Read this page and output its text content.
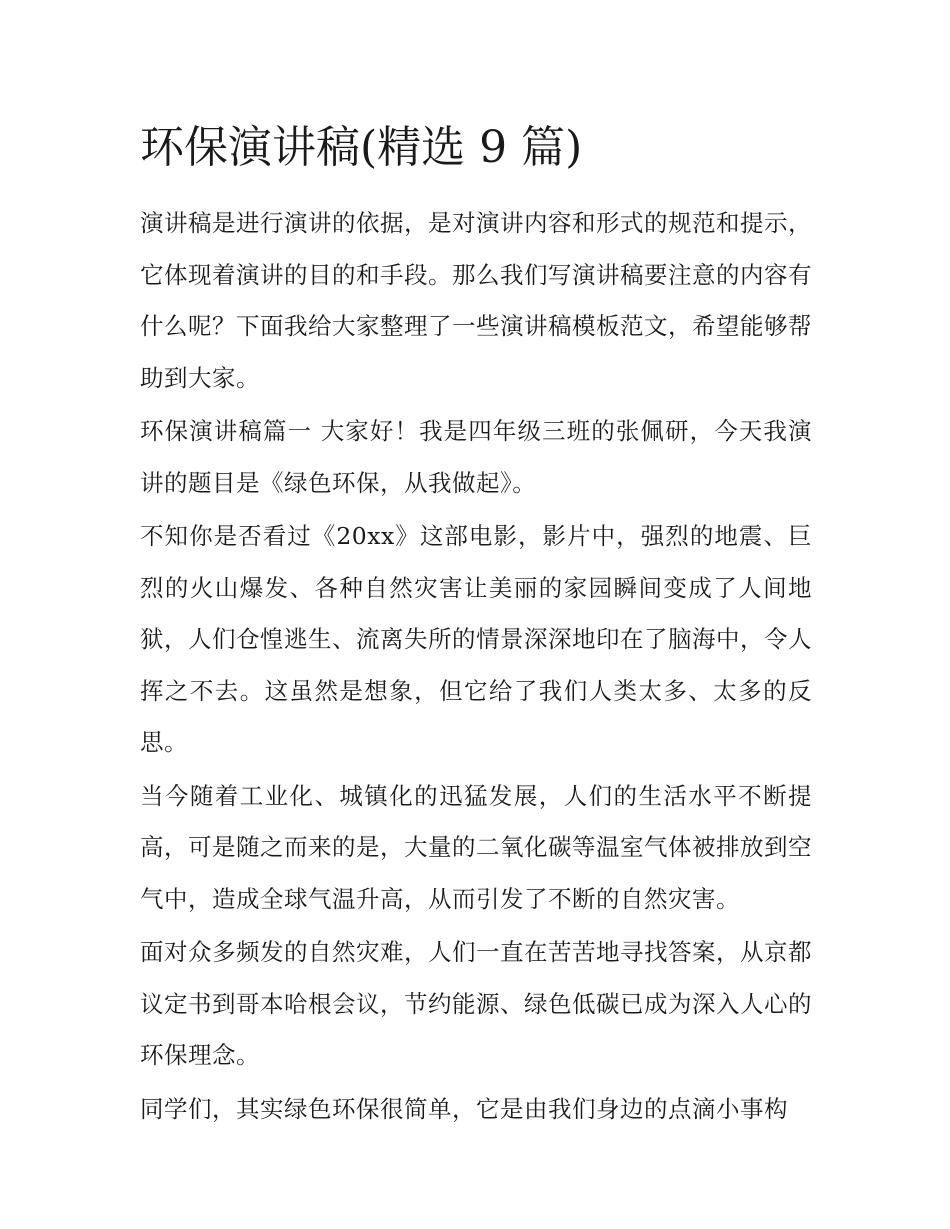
环保演讲稿(精选 9 篇)

演讲稿是进行演讲的依据，是对演讲内容和形式的规范和提示，它体现着演讲的目的和手段。那么我们写演讲稿要注意的内容有什么呢？下面我给大家整理了一些演讲稿模板范文，希望能够帮助到大家。

环保演讲稿篇一 大家好！我是四年级三班的张佩研，今天我演讲的题目是《绿色环保，从我做起》。

不知你是否看过《20xx》这部电影，影片中，强烈的地震、巨烈的火山爆发、各种自然灾害让美丽的家园瞬间变成了人间地狱，人们仓惶逃生、流离失所的情景深深地印在了脑海中，令人挥之不去。这虽然是想象，但它给了我们人类太多、太多的反思。

当今随着工业化、城镇化的迅猛发展，人们的生活水平不断提高，可是随之而来的是，大量的二氧化碳等温室气体被排放到空气中，造成全球气温升高，从而引发了不断的自然灾害。

面对众多频发的自然灾难，人们一直在苦苦地寻找答案，从京都议定书到哥本哈根会议，节约能源、绿色低碳已成为深入人心的环保理念。

同学们，其实绿色环保很简单，它是由我们身边的点滴小事构
